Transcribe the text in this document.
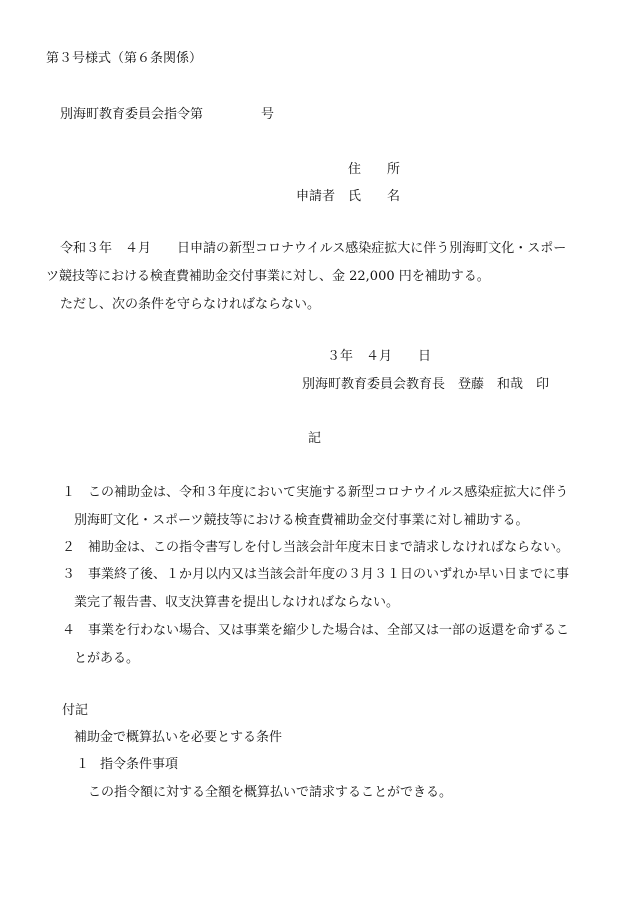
第３号様式（第６条関係）
別海町教育委員会指令第	号
住　　所
申請者 氏　　名
令和３年　４月　　日申請の新型コロナウイルス感染症拡大に伴う別海町文化・スポー
ツ競技等における検査費補助金交付事業に対し、金 22,000 円を補助する。
ただし、次の条件を守らなければならない。
３年　４月　　日
別海町教育委員会教育長　登藤　和哉　印
記
１ この補助金は、令和３年度において実施する新型コロナウイルス感染症拡大に伴う
別海町文化・スポーツ競技等における検査費補助金交付事業に対し補助する。
２ 補助金は、この指令書写しを付し当該会計年度末日まで請求しなければならない。
３ 事業終了後、１か月以内又は当該会計年度の３月３１日のいずれか早い日までに事
業完了報告書、収支決算書を提出しなければならない。
４ 事業を行わない場合、又は事業を縮少した場合は、全部又は一部の返還を命ずるこ
とがある。
付記
補助金で概算払いを必要とする条件
１ 指令条件事項
この指令額に対する全額を概算払いで請求することができる。
